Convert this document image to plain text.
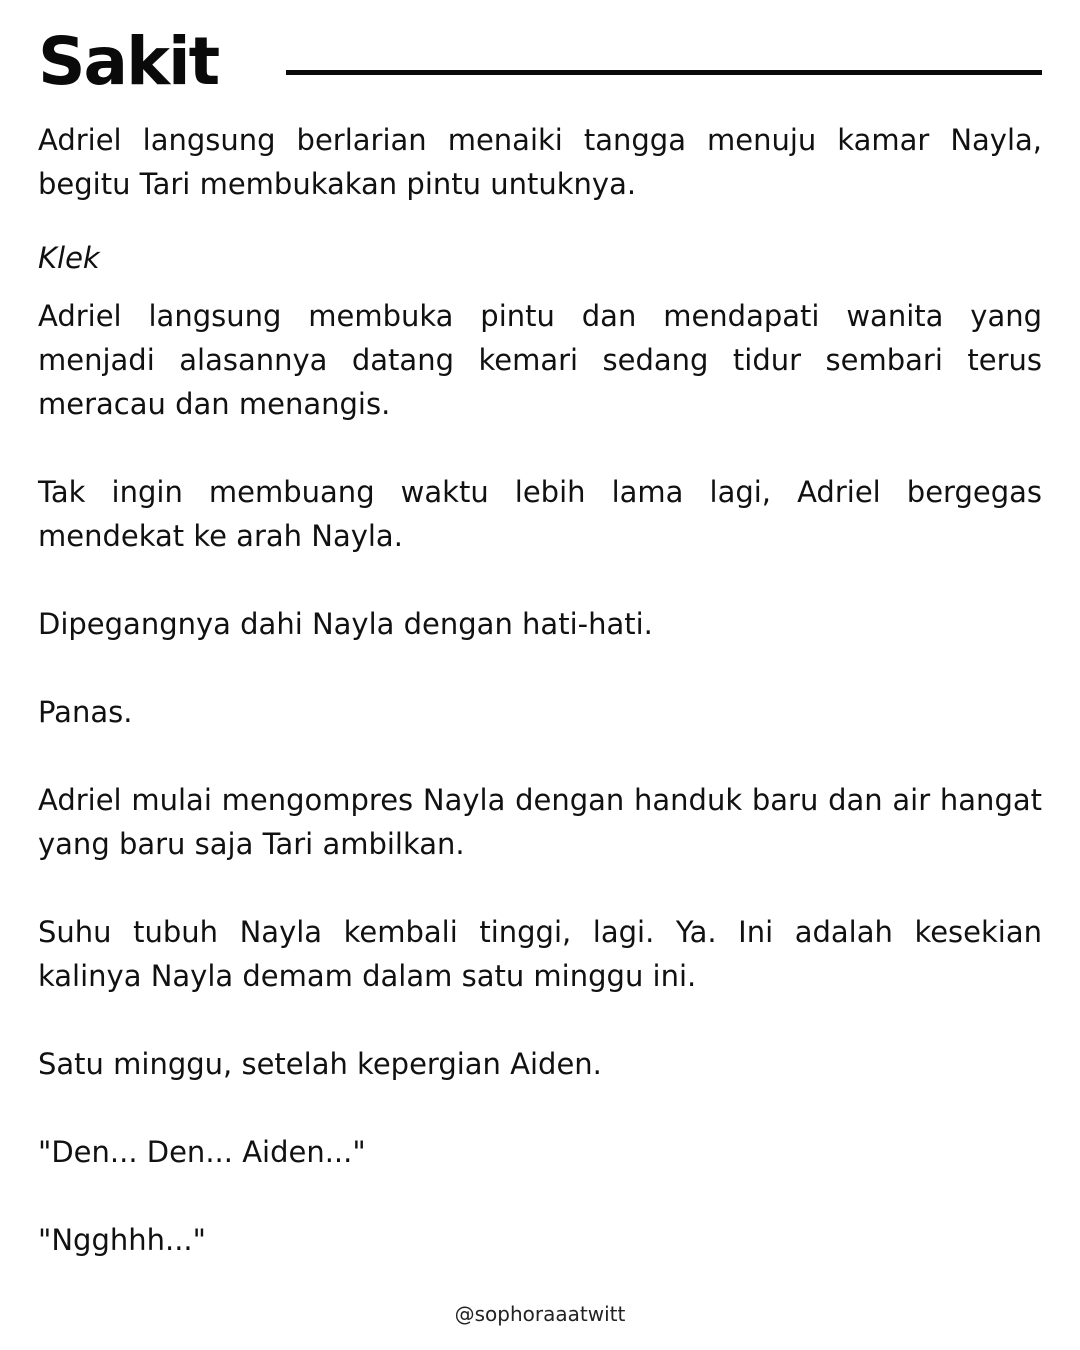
Sakit

Adriel langsung berlarian menaiki tangga menuju kamar Nayla, begitu Tari membukakan pintu untuknya.

Klek

Adriel langsung membuka pintu dan mendapati wanita yang menjadi alasannya datang kemari sedang tidur sembari terus meracau dan menangis.

Tak ingin membuang waktu lebih lama lagi, Adriel bergegas mendekat ke arah Nayla.

Dipegangnya dahi Nayla dengan hati-hati.

Panas.

Adriel mulai mengompres Nayla dengan handuk baru dan air hangat yang baru saja Tari ambilkan.

Suhu tubuh Nayla kembali tinggi, lagi. Ya. Ini adalah kesekian kalinya Nayla demam dalam satu minggu ini.

Satu minggu, setelah kepergian Aiden.

"Den... Den... Aiden..."

"Ngghhh..."

@sophoraaatwitt
